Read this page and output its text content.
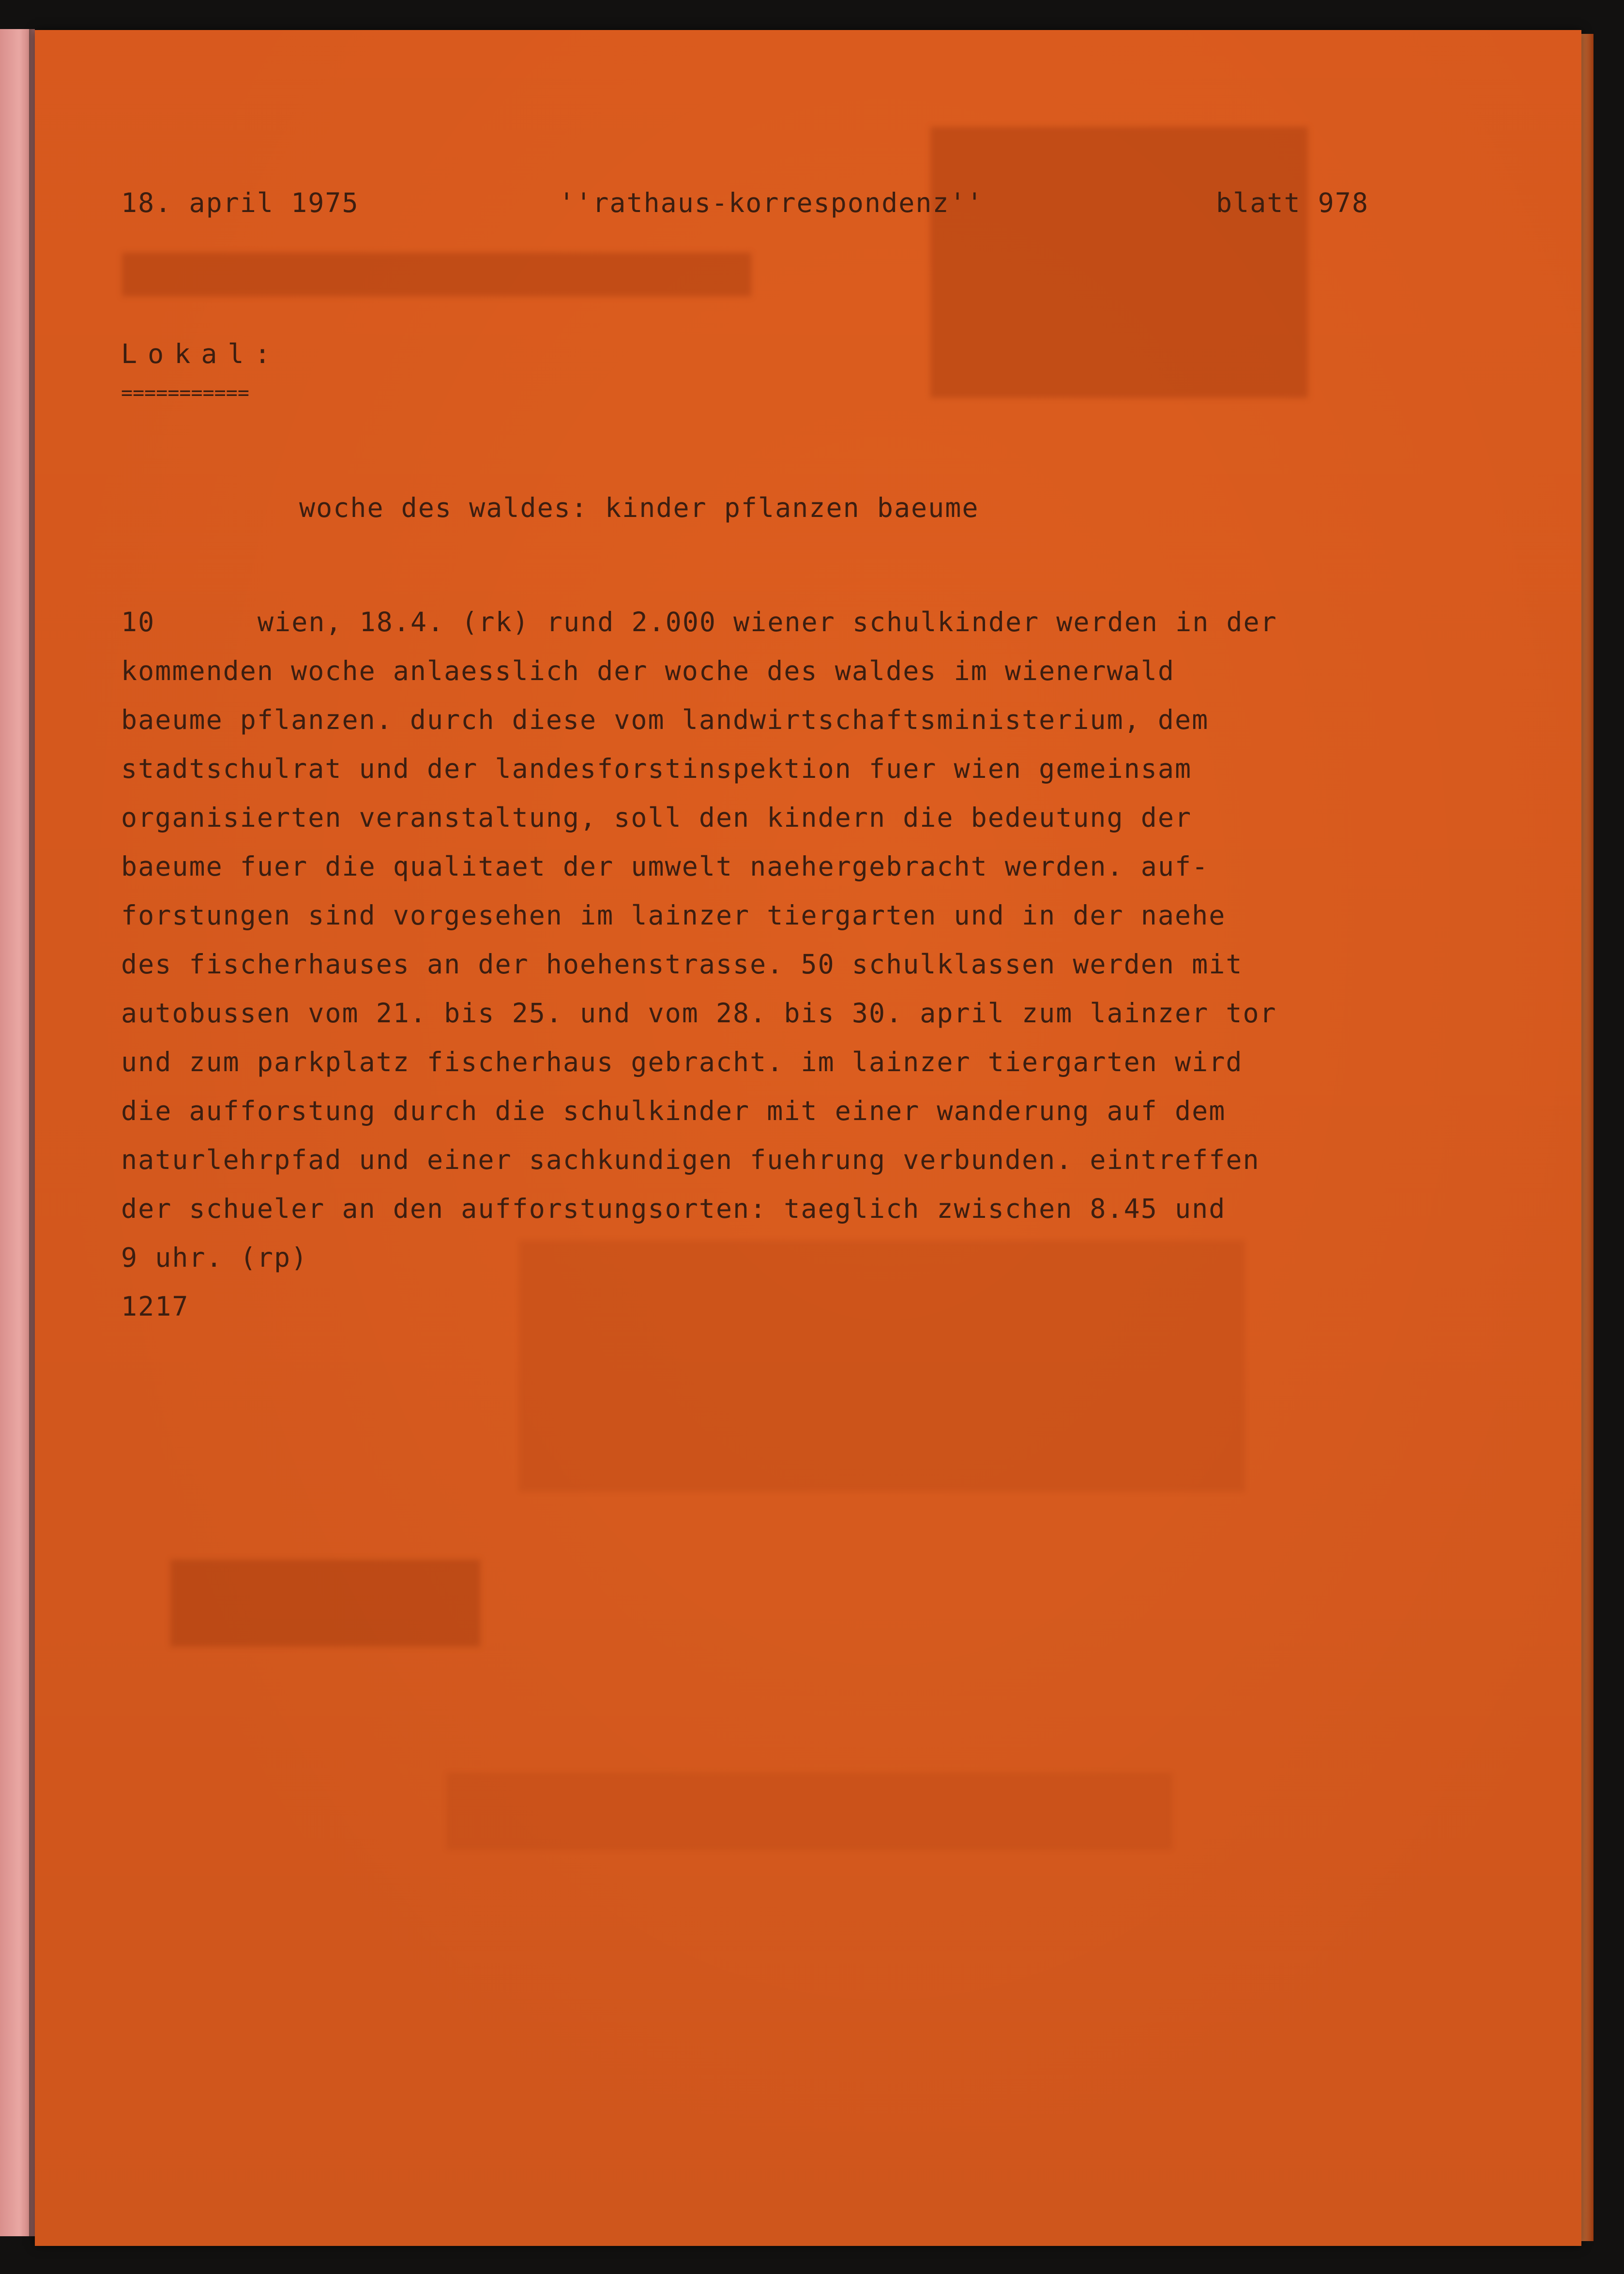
18. april 1975	''rathaus-korrespondenz''	blatt 978
Lokal:
===========
woche des waldes: kinder pflanzen baeume
10	wien, 18.4. (rk) rund 2.000 wiener schulkinder werden in der
kommenden woche anlaesslich der woche des waldes im wienerwald
baeume pflanzen. durch diese vom landwirtschaftsministerium, dem
stadtschulrat und der landesforstinspektion fuer wien gemeinsam
organisierten veranstaltung, soll den kindern die bedeutung der
baeume fuer die qualitaet der umwelt naehergebracht werden. auf-
forstungen sind vorgesehen im lainzer tiergarten und in der naehe
des fischerhauses an der hoehenstrasse. 50 schulklassen werden mit
autobussen vom 21. bis 25. und vom 28. bis 30. april zum lainzer tor
und zum parkplatz fischerhaus gebracht. im lainzer tiergarten wird
die aufforstung durch die schulkinder mit einer wanderung auf dem
naturlehrpfad und einer sachkundigen fuehrung verbunden. eintreffen
der schueler an den aufforstungsorten: taeglich zwischen 8.45 und
9 uhr. (rp)
1217
